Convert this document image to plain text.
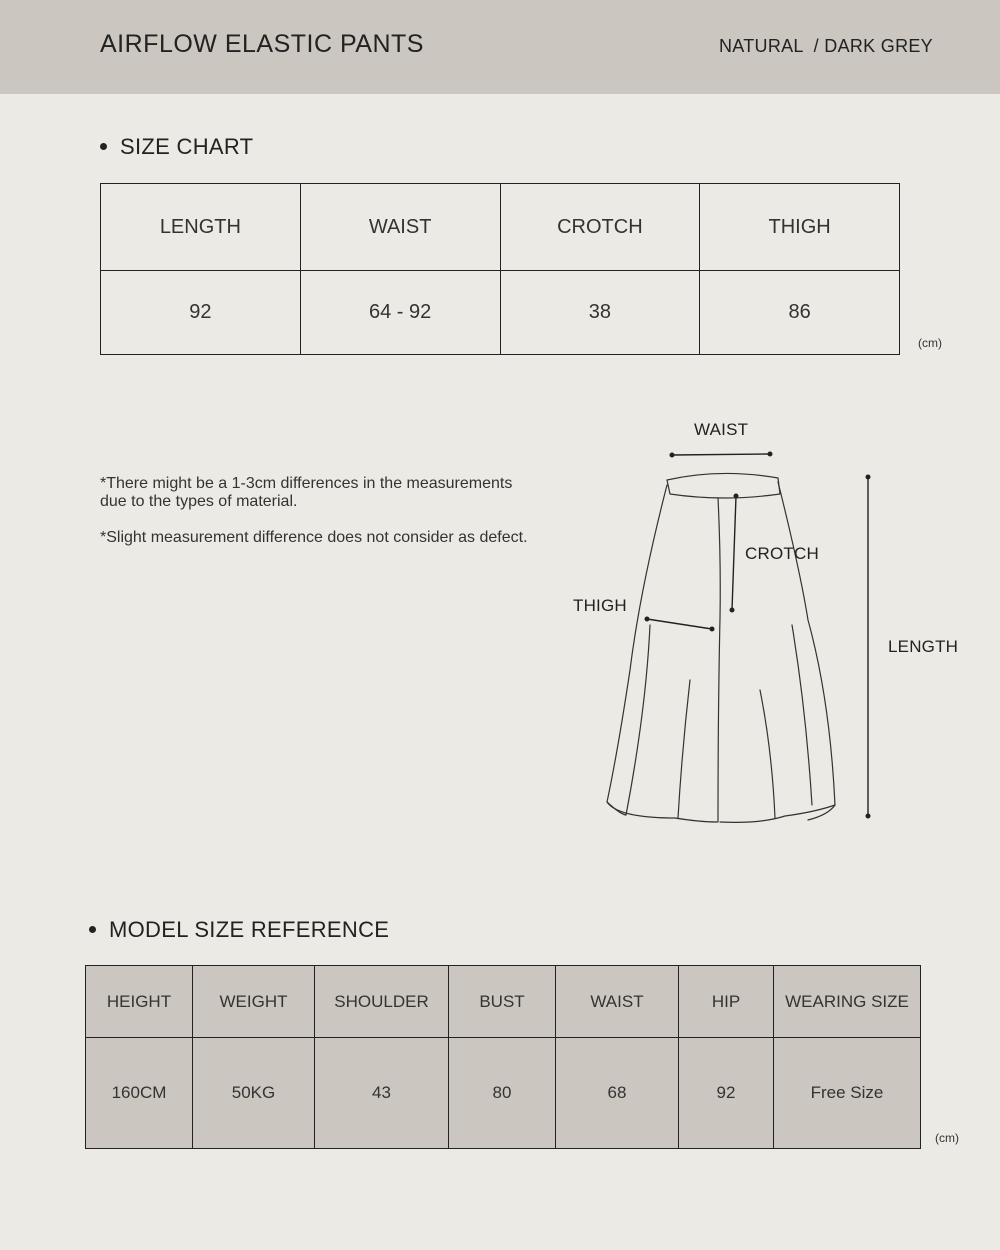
AIRFLOW ELASTIC PANTS	NATURAL  / DARK GREY
SIZE CHART
LENGTH	WAIST	CROTCH	THIGH
92	64 - 92	38	86
(cm)

*There might be a 1-3cm differences in the measurements due to the types of material.

*Slight measurement difference does not consider as defect.

WAIST
CROTCH
THIGH
LENGTH
MODEL SIZE REFERENCE
HEIGHT	WEIGHT	SHOULDER	BUST	WAIST	HIP	WEARING SIZE
160CM	50KG	43	80	68	92	Free Size
(cm)
